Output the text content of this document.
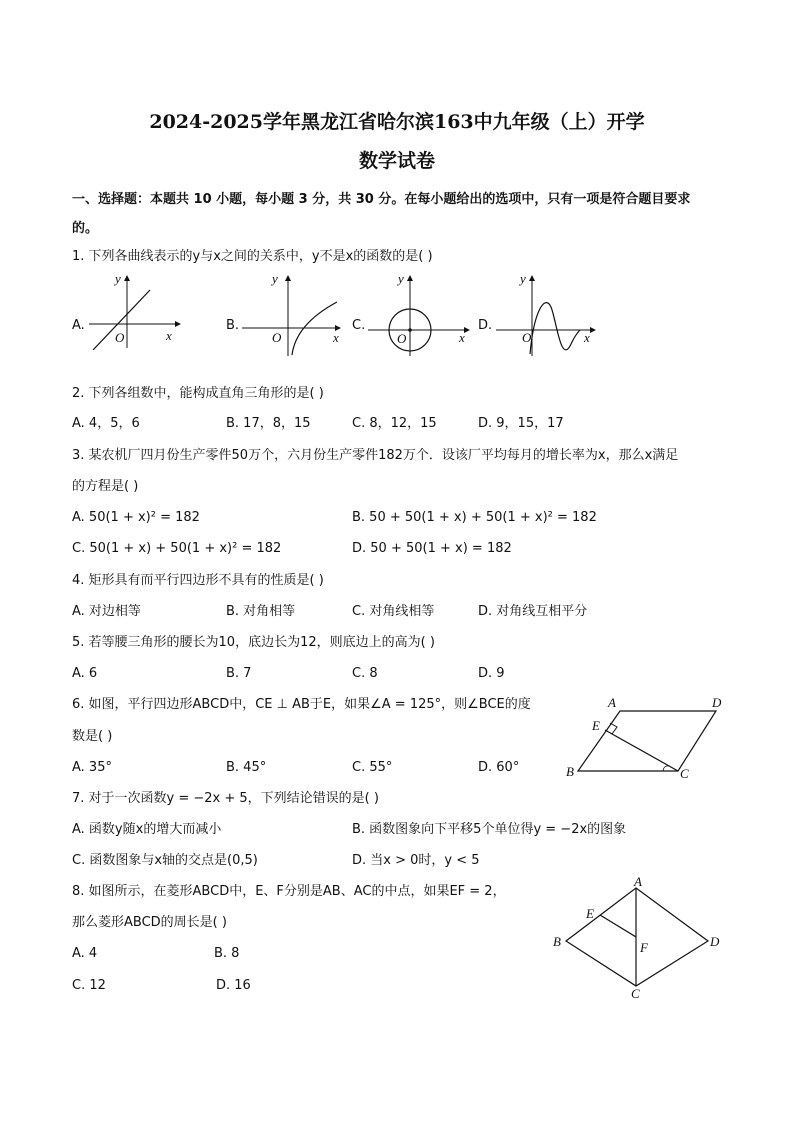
2024-2025学年黑龙江省哈尔滨163中九年级（上）开学
数学试卷
一、选择题：本题共 10 小题，每小题 3 分，共 30 分。在每小题给出的选项中，只有一项是符合题目要求
的。
1. 下列各曲线表示的y与x之间的关系中，y不是x的函数的是( )
A.
y
x
O
B.
y
x
O
C.
y
x
O
D.
y
x
O
2. 下列各组数中，能构成直角三角形的是( )
A. 4，5，6	B. 17，8，15	C. 8，12，15	D. 9，15，17
3. 某农机厂四月份生产零件50万个，六月份生产零件182万个．设该厂平均每月的增长率为x，那么x满足
的方程是( )
A. 50(1 + x)² = 182	B. 50 + 50(1 + x) + 50(1 + x)² = 182
C. 50(1 + x) + 50(1 + x)² = 182	D. 50 + 50(1 + x) = 182
4. 矩形具有而平行四边形不具有的性质是( )
A. 对边相等	B. 对角相等	C. 对角线相等	D. 对角线互相平分
5. 若等腰三角形的腰长为10，底边长为12，则底边上的高为( )
A. 6	B. 7	C. 8	D. 9
6. 如图，平行四边形ABCD中，CE ⊥ AB于E，如果∠A = 125°，则∠BCE的度
数是( )
A. 35°	B. 45°	C. 55°	D. 60°
A	D
E
B	C
7. 对于一次函数y = −2x + 5，下列结论错误的是( )
A. 函数y随x的增大而减小	B. 函数图象向下平移5个单位得y = −2x的图象
C. 函数图象与x轴的交点是(0,5)	D. 当x > 0时，y < 5
8. 如图所示，在菱形ABCD中，E、F分别是AB、AC的中点，如果EF = 2，
那么菱形ABCD的周长是( )
A. 4	B. 8
C. 12	D. 16
A
E
B	F	D
C
